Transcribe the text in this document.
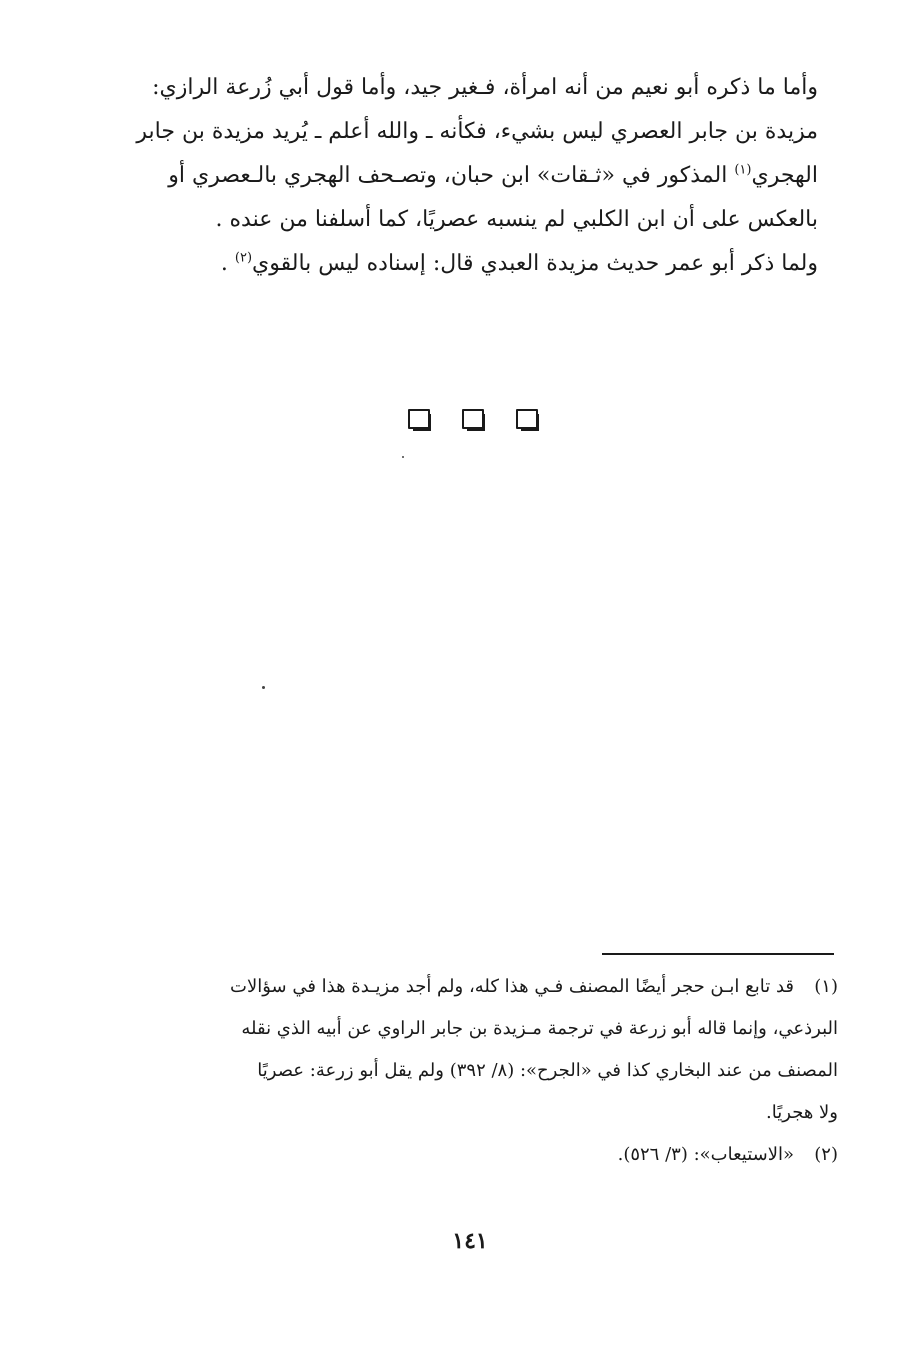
وأما ما ذكره أبو نعيم من أنه امرأة، فـغير جيد، وأما قول أبي زُرعة الرازي:

مزيدة بن جابر العصري ليس بشيء، فكأنه ـ والله أعلم ـ يُريد مزيدة بن جابر

الهجري$^{(١)}$ المذكور في «ثـقات» ابن حبان، وتصـحف الهجري بالـعصري أو

بالعكس على أن ابن الكلبي لم ينسبه عصريًا، كما أسلفنا من عنده .

ولما ذكر أبو عمر حديث مزيدة العبدي قال: إسناده ليس بالقوي$^{(٢)}$ .

(١)قد تابع ابـن حجر أيضًا المصنف فـي هذا كله، ولم أجد مزيـدة هذا في سؤالات

البرذعي، وإنما قاله أبو زرعة في ترجمة مـزيدة بن جابر الراوي عن أبيه الذي نقله

المصنف من عند البخاري كذا في «الجرح»: (٨/ ٣٩٢) ولم يقل أبو زرعة: عصريًا

ولا هجريًا.

(٢)«الاستيعاب»: (٣/ ٥٢٦).

١٤١
